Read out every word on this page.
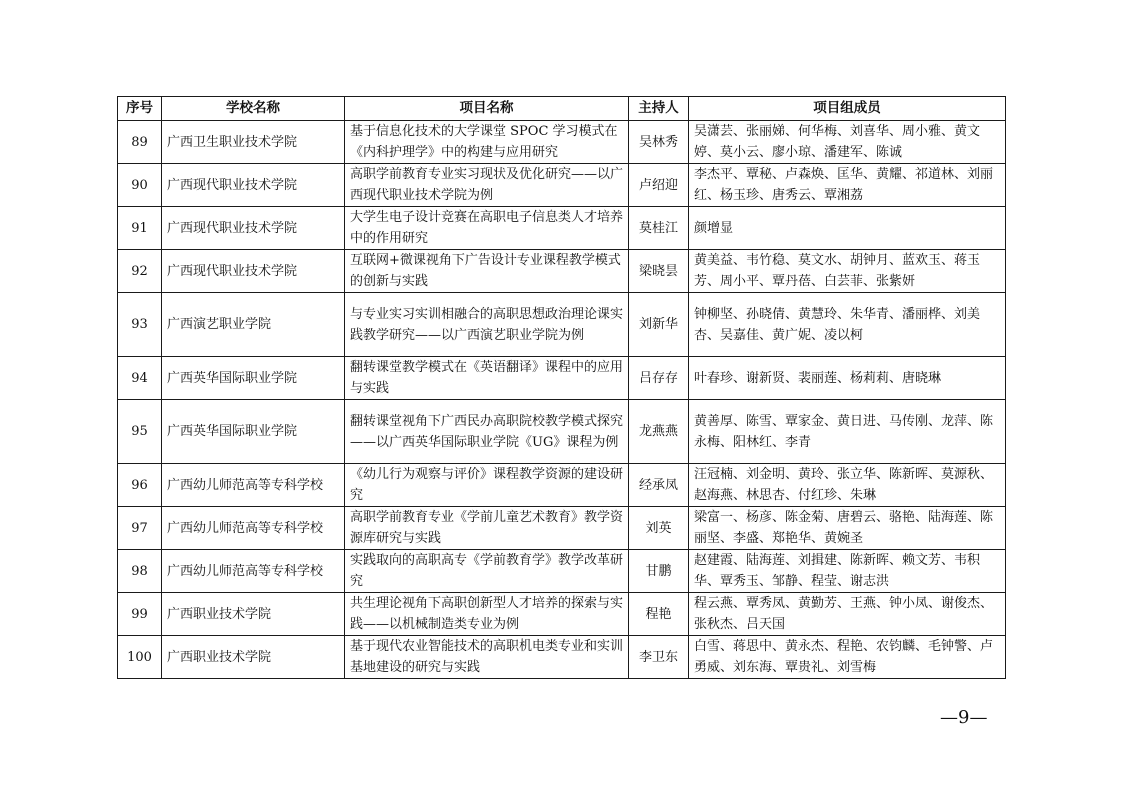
序号	学校名称	项目名称	主持人	项目组成员
89	广西卫生职业技术学院	基于信息化技术的大学课堂 SPOC 学习模式在《内科护理学》中的构建与应用研究	吴林秀	吴潇芸、张丽娣、何华梅、刘喜华、周小雅、黄文婷、莫小云、廖小琼、潘建军、陈诚
90	广西现代职业技术学院	高职学前教育专业实习现状及优化研究——以广西现代职业技术学院为例	卢绍迎	李杰平、覃秘、卢森焕、匡华、黄耀、祁道林、刘丽红、杨玉珍、唐秀云、覃湘荔
91	广西现代职业技术学院	大学生电子设计竞赛在高职电子信息类人才培养中的作用研究	莫桂江	颜增显
92	广西现代职业技术学院	互联网+微课视角下广告设计专业课程教学模式的创新与实践	梁晓昙	黄美益、韦竹稳、莫文水、胡钟月、蓝欢玉、蒋玉芳、周小平、覃丹蓓、白芸菲、张紫妍
93	广西演艺职业学院	与专业实习实训相融合的高职思想政治理论课实践教学研究——以广西演艺职业学院为例	刘新华	钟柳坚、孙晓倩、黄慧玲、朱华青、潘丽桦、刘美杏、吴嘉佳、黄广妮、凌以柯
94	广西英华国际职业学院	翻转课堂教学模式在《英语翻译》课程中的应用与实践	吕存存	叶春珍、谢新贤、裴丽莲、杨莉莉、唐晓琳
95	广西英华国际职业学院	翻转课堂视角下广西民办高职院校教学模式探究——以广西英华国际职业学院《UG》课程为例	龙燕燕	黄善厚、陈雪、覃家金、黄日进、马传刚、龙萍、陈永梅、阳林红、李青
96	广西幼儿师范高等专科学校	《幼儿行为观察与评价》课程教学资源的建设研究	经承凤	汪冠楠、刘金明、黄玲、张立华、陈新晖、莫源秋、赵海燕、林思杏、付红珍、朱琳
97	广西幼儿师范高等专科学校	高职学前教育专业《学前儿童艺术教育》教学资源库研究与实践	刘英	梁富一、杨彦、陈金菊、唐碧云、骆艳、陆海莲、陈丽坚、李盛、郑艳华、黄婉圣
98	广西幼儿师范高等专科学校	实践取向的高职高专《学前教育学》教学改革研究	甘鹏	赵建霞、陆海莲、刘揖建、陈新晖、赖文芳、韦积华、覃秀玉、邹静、程莹、谢志洪
99	广西职业技术学院	共生理论视角下高职创新型人才培养的探索与实践——以机械制造类专业为例	程艳	程云燕、覃秀凤、黄勤芳、王燕、钟小凤、谢俊杰、张秋杰、吕天国
100	广西职业技术学院	基于现代农业智能技术的高职机电类专业和实训基地建设的研究与实践	李卫东	白雪、蒋思中、黄永杰、程艳、农钧麟、毛钟警、卢勇威、刘东海、覃贵礼、刘雪梅
—9—
